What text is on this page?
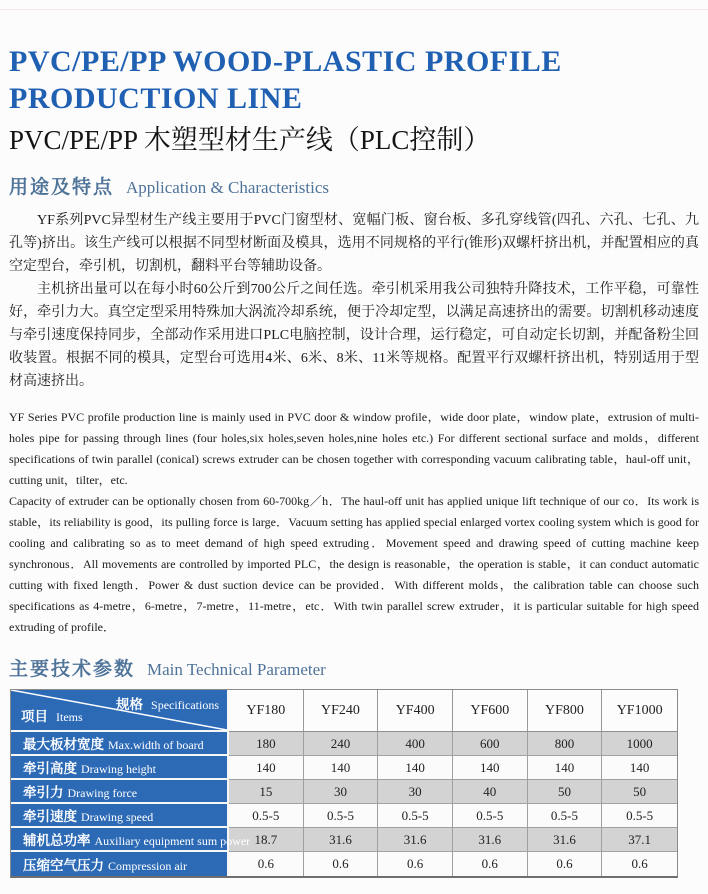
PVC/PE/PP WOOD-PLASTIC PROFILE
PRODUCTION LINE
PVC/PE/PP 木塑型材生产线（PLC控制）
用途及特点 Application & Characteristics

YF系列PVC异型材生产线主要用于PVC门窗型材、宽幅门板、窗台板、多孔穿线管(四孔、六孔、七孔、九孔等)挤出。该生产线可以根据不同型材断面及模具，选用不同规格的平行(锥形)双螺杆挤出机，并配置相应的真空定型台，牵引机，切割机，翻料平台等辅助设备。

主机挤出量可以在每小时60公斤到700公斤之间任选。牵引机采用我公司独特升降技术，工作平稳，可靠性好，牵引力大。真空定型采用特殊加大涡流冷却系统，便于冷却定型，以满足高速挤出的需要。切割机移动速度与牵引速度保持同步，全部动作采用进口PLC电脑控制，设计合理，运行稳定，可自动定长切割，并配备粉尘回收装置。根据不同的模具，定型台可选用4米、6米、8米、11米等规格。配置平行双螺杆挤出机，特别适用于型材高速挤出。

YF Series PVC profile production line is mainly used in PVC door & window profile，wide door plate，window plate，extrusion of multi-holes pipe for passing through lines (four holes,six holes,seven holes,nine holes etc.) For different sectional surface and molds，different specifications of twin parallel (conical) screws extruder can be chosen together with corresponding vacuum calibrating table，haul-off unit，cutting unit，tilter，etc.

Capacity of extruder can be optionally chosen from 60-700kg／h．The haul-off unit has applied unique lift technique of our co．Its work is stable，its reliability is good，its pulling force is large．Vacuum setting has applied special enlarged vortex cooling system which is good for cooling and calibrating so as to meet demand of high speed extruding．Movement speed and drawing speed of cutting machine keep synchronous．All movements are controlled by imported PLC，the design is reasonable，the operation is stable，it can conduct automatic cutting with fixed length．Power & dust suction device can be provided．With different molds，the calibration table can choose such specifications as 4-metre，6-metre，7-metre，11-metre，etc．With twin parallel screw extruder，it is particular suitable for high speed extruding of profile．

主要技术参数 Main Technical Parameter
规格 Specifications
项目 Items	YF180	YF240	YF400	YF600	YF800	YF1000
最大板材宽度 Max.width of board	180	240	400	600	800	1000
牵引高度 Drawing height	140	140	140	140	140	140
牵引力 Drawing force	15	30	30	40	50	50
牵引速度 Drawing speed	0.5-5	0.5-5	0.5-5	0.5-5	0.5-5	0.5-5
辅机总功率 Auxiliary equipment sum power	18.7	31.6	31.6	31.6	31.6	37.1
压缩空气压力 Compression air	0.6	0.6	0.6	0.6	0.6	0.6
